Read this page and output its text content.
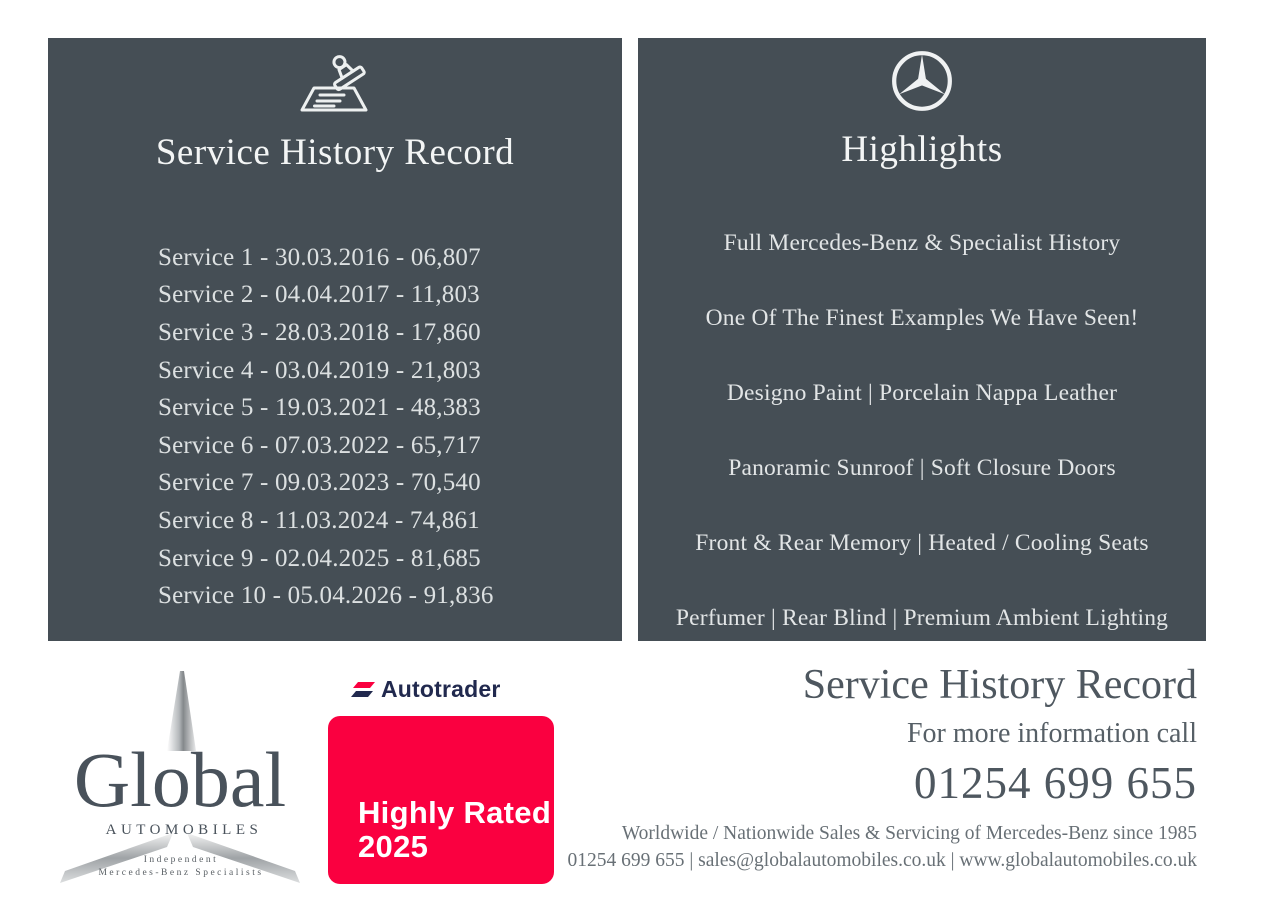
Service History Record
Service 1 - 30.03.2016 - 06,807
Service 2 - 04.04.2017 - 11,803
Service 3 - 28.03.2018 - 17,860
Service 4 - 03.04.2019 - 21,803
Service 5 - 19.03.2021 - 48,383
Service 6 - 07.03.2022 - 65,717
Service 7 - 09.03.2023 - 70,540
Service 8 - 11.03.2024 - 74,861
Service 9 - 02.04.2025 - 81,685
Service 10 - 05.04.2026 - 91,836
Highlights

Full Mercedes-Benz & Specialist History

One Of The Finest Examples We Have Seen!

Designo Paint | Porcelain Nappa Leather

Panoramic Sunroof | Soft Closure Doors

Front & Rear Memory | Heated / Cooling Seats

Perfumer | Rear Blind | Premium Ambient Lighting

Global
AUTOMOBILES
Independent
Mercedes-Benz Specialists
Autotrader
Highly Rated
2025
Service History Record
For more information call
01254 699 655
Worldwide / Nationwide Sales & Servicing of Mercedes-Benz since 1985
01254 699 655 | sales@globalautomobiles.co.uk | www.globalautomobiles.co.uk
